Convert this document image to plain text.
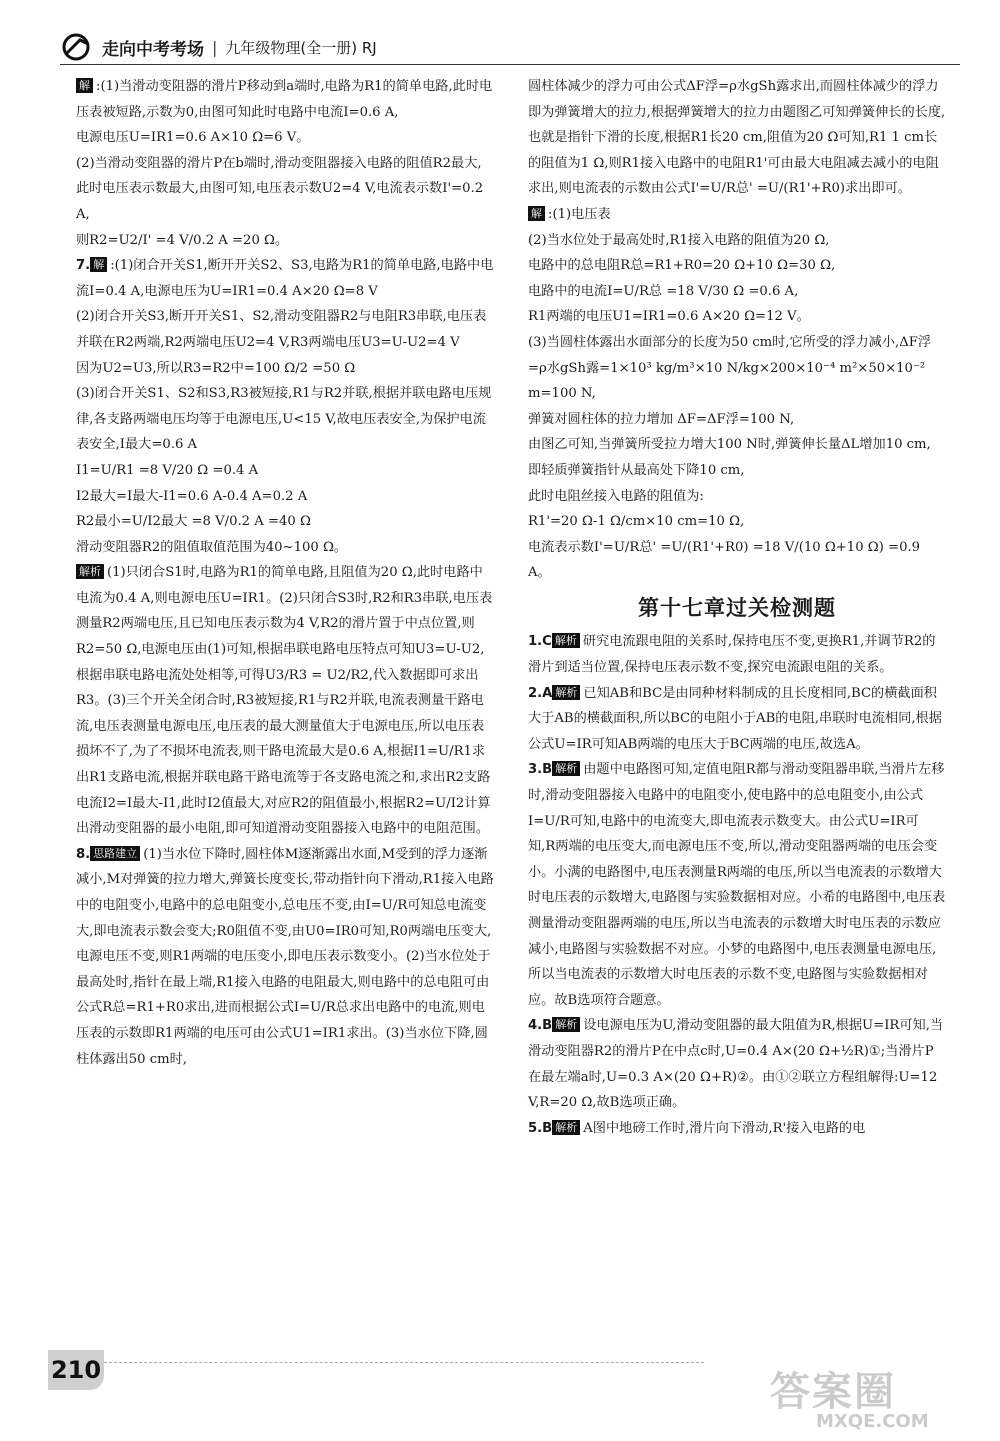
走向中考考场 | 九年级物理(全一册) RJ

解 :(1)当滑动变阻器的滑片P移动到a端时,电路为R1的简单电路,此时电压表被短路,示数为0,由图可知此时电路中电流I=0.6 A,

电源电压U=IR1=0.6 A×10 Ω=6 V。

(2)当滑动变阻器的滑片P在b端时,滑动变阻器接入电路的阻值R2最大,此时电压表示数最大,由图可知,电压表示数U2=4 V,电流表示数I'=0.2 A,

则R2=U2/I' =4 V/0.2 A =20 Ω。

7. 解 :(1)闭合开关S1,断开开关S2、S3,电路为R1的简单电路,电路中电流I=0.4 A,电源电压为U=IR1=0.4 A×20 Ω=8 V

(2)闭合开关S3,断开开关S1、S2,滑动变阻器R2与电阻R3串联,电压表并联在R2两端,R2两端电压U2=4 V,R3两端电压U3=U-U2=4 V

因为U2=U3,所以R3=R2中=100 Ω/2 =50 Ω

(3)闭合开关S1、S2和S3,R3被短接,R1与R2并联,根据并联电路电压规律,各支路两端电压均等于电源电压,U<15 V,故电压表安全,为保护电流表安全,I最大=0.6 A

I1=U/R1 =8 V/20 Ω =0.4 A

I2最大=I最大-I1=0.6 A-0.4 A=0.2 A

R2最小=U/I2最大 =8 V/0.2 A =40 Ω

滑动变阻器R2的阻值取值范围为40~100 Ω。

解析 (1)只闭合S1时,电路为R1的简单电路,且阻值为20 Ω,此时电路中电流为0.4 A,则电源电压U=IR1。(2)只闭合S3时,R2和R3串联,电压表测量R2两端电压,且已知电压表示数为4 V,R2的滑片置于中点位置,则R2=50 Ω,电源电压由(1)可知,根据串联电路电压特点可知U3=U-U2,根据串联电路电流处处相等,可得U3/R3 = U2/R2,代入数据即可求出R3。(3)三个开关全闭合时,R3被短接,R1与R2并联,电流表测量干路电流,电压表测量电源电压,电压表的最大测量值大于电源电压,所以电压表损坏不了,为了不损坏电流表,则干路电流最大是0.6 A,根据I1=U/R1求出R1支路电流,根据并联电路干路电流等于各支路电流之和,求出R2支路电流I2=I最大-I1,此时I2值最大,对应R2的阻值最小,根据R2=U/I2计算出滑动变阻器的最小电阻,即可知道滑动变阻器接入电路中的电阻范围。

8. 思路建立 (1)当水位下降时,圆柱体M逐渐露出水面,M受到的浮力逐渐减小,M对弹簧的拉力增大,弹簧长度变长,带动指针向下滑动,R1接入电路中的电阻变小,电路中的总电阻变小,总电压不变,由I=U/R可知总电流变大,即电流表示数会变大;R0阻值不变,由U0=IR0可知,R0两端电压变大,电源电压不变,则R1两端的电压变小,即电压表示数变小。(2)当水位处于最高处时,指针在最上端,R1接入电路的电阻最大,则电路中的总电阻可由公式R总=R1+R0求出,进而根据公式I=U/R总求出电路中的电流,则电压表的示数即R1两端的电压可由公式U1=IR1求出。(3)当水位下降,圆柱体露出50 cm时,

圆柱体减少的浮力可由公式ΔF浮=ρ水gSh露求出,而圆柱体减少的浮力即为弹簧增大的拉力,根据弹簧增大的拉力由题图乙可知弹簧伸长的长度,也就是指针下滑的长度,根据R1长20 cm,阻值为20 Ω可知,R1 1 cm长的阻值为1 Ω,则R1接入电路中的电阻R1'可由最大电阻减去减小的电阻求出,则电流表的示数由公式I'=U/R总' =U/(R1'+R0)求出即可。

解 :(1)电压表

(2)当水位处于最高处时,R1接入电路的阻值为20 Ω,

电路中的总电阻R总=R1+R0=20 Ω+10 Ω=30 Ω,

电路中的电流I=U/R总 =18 V/30 Ω =0.6 A,

R1两端的电压U1=IR1=0.6 A×20 Ω=12 V。

(3)当圆柱体露出水面部分的长度为50 cm时,它所受的浮力减小,ΔF浮=ρ水gSh露=1×10³ kg/m³×10 N/kg×200×10⁻⁴ m²×50×10⁻² m=100 N,

弹簧对圆柱体的拉力增加 ΔF=ΔF浮=100 N,

由图乙可知,当弹簧所受拉力增大100 N时,弹簧伸长量ΔL增加10 cm,

即轻质弹簧指针从最高处下降10 cm,

此时电阻丝接入电路的阻值为:

R1'=20 Ω-1 Ω/cm×10 cm=10 Ω,

电流表示数I'=U/R总' =U/(R1'+R0) =18 V/(10 Ω+10 Ω) =0.9 A。

第十七章过关检测题

1.C 解析 研究电流跟电阻的关系时,保持电压不变,更换R1,并调节R2的滑片到适当位置,保持电压表示数不变,探究电流跟电阻的关系。

2.A 解析 已知AB和BC是由同种材料制成的且长度相同,BC的横截面积大于AB的横截面积,所以BC的电阻小于AB的电阻,串联时电流相同,根据公式U=IR可知AB两端的电压大于BC两端的电压,故选A。

3.B 解析 由题中电路图可知,定值电阻R都与滑动变阻器串联,当滑片左移时,滑动变阻器接入电路中的电阻变小,使电路中的总电阻变小,由公式I=U/R可知,电路中的电流变大,即电流表示数变大。由公式U=IR可知,R两端的电压变大,而电源电压不变,所以,滑动变阻器两端的电压会变小。小满的电路图中,电压表测量R两端的电压,所以当电流表的示数增大时电压表的示数增大,电路图与实验数据相对应。小希的电路图中,电压表测量滑动变阻器两端的电压,所以当电流表的示数增大时电压表的示数应减小,电路图与实验数据不对应。小梦的电路图中,电压表测量电源电压,所以当电流表的示数增大时电压表的示数不变,电路图与实验数据相对应。故B选项符合题意。

4.B 解析 设电源电压为U,滑动变阻器的最大阻值为R,根据U=IR可知,当滑动变阻器R2的滑片P在中点c时,U=0.4 A×(20 Ω+½R)①;当滑片P在最左端a时,U=0.3 A×(20 Ω+R)②。由①②联立方程组解得:U=12 V,R=20 Ω,故B选项正确。

5.B 解析 A图中地磅工作时,滑片向下滑动,R'接入电路的电

210	答案圈
MXQE.COM
